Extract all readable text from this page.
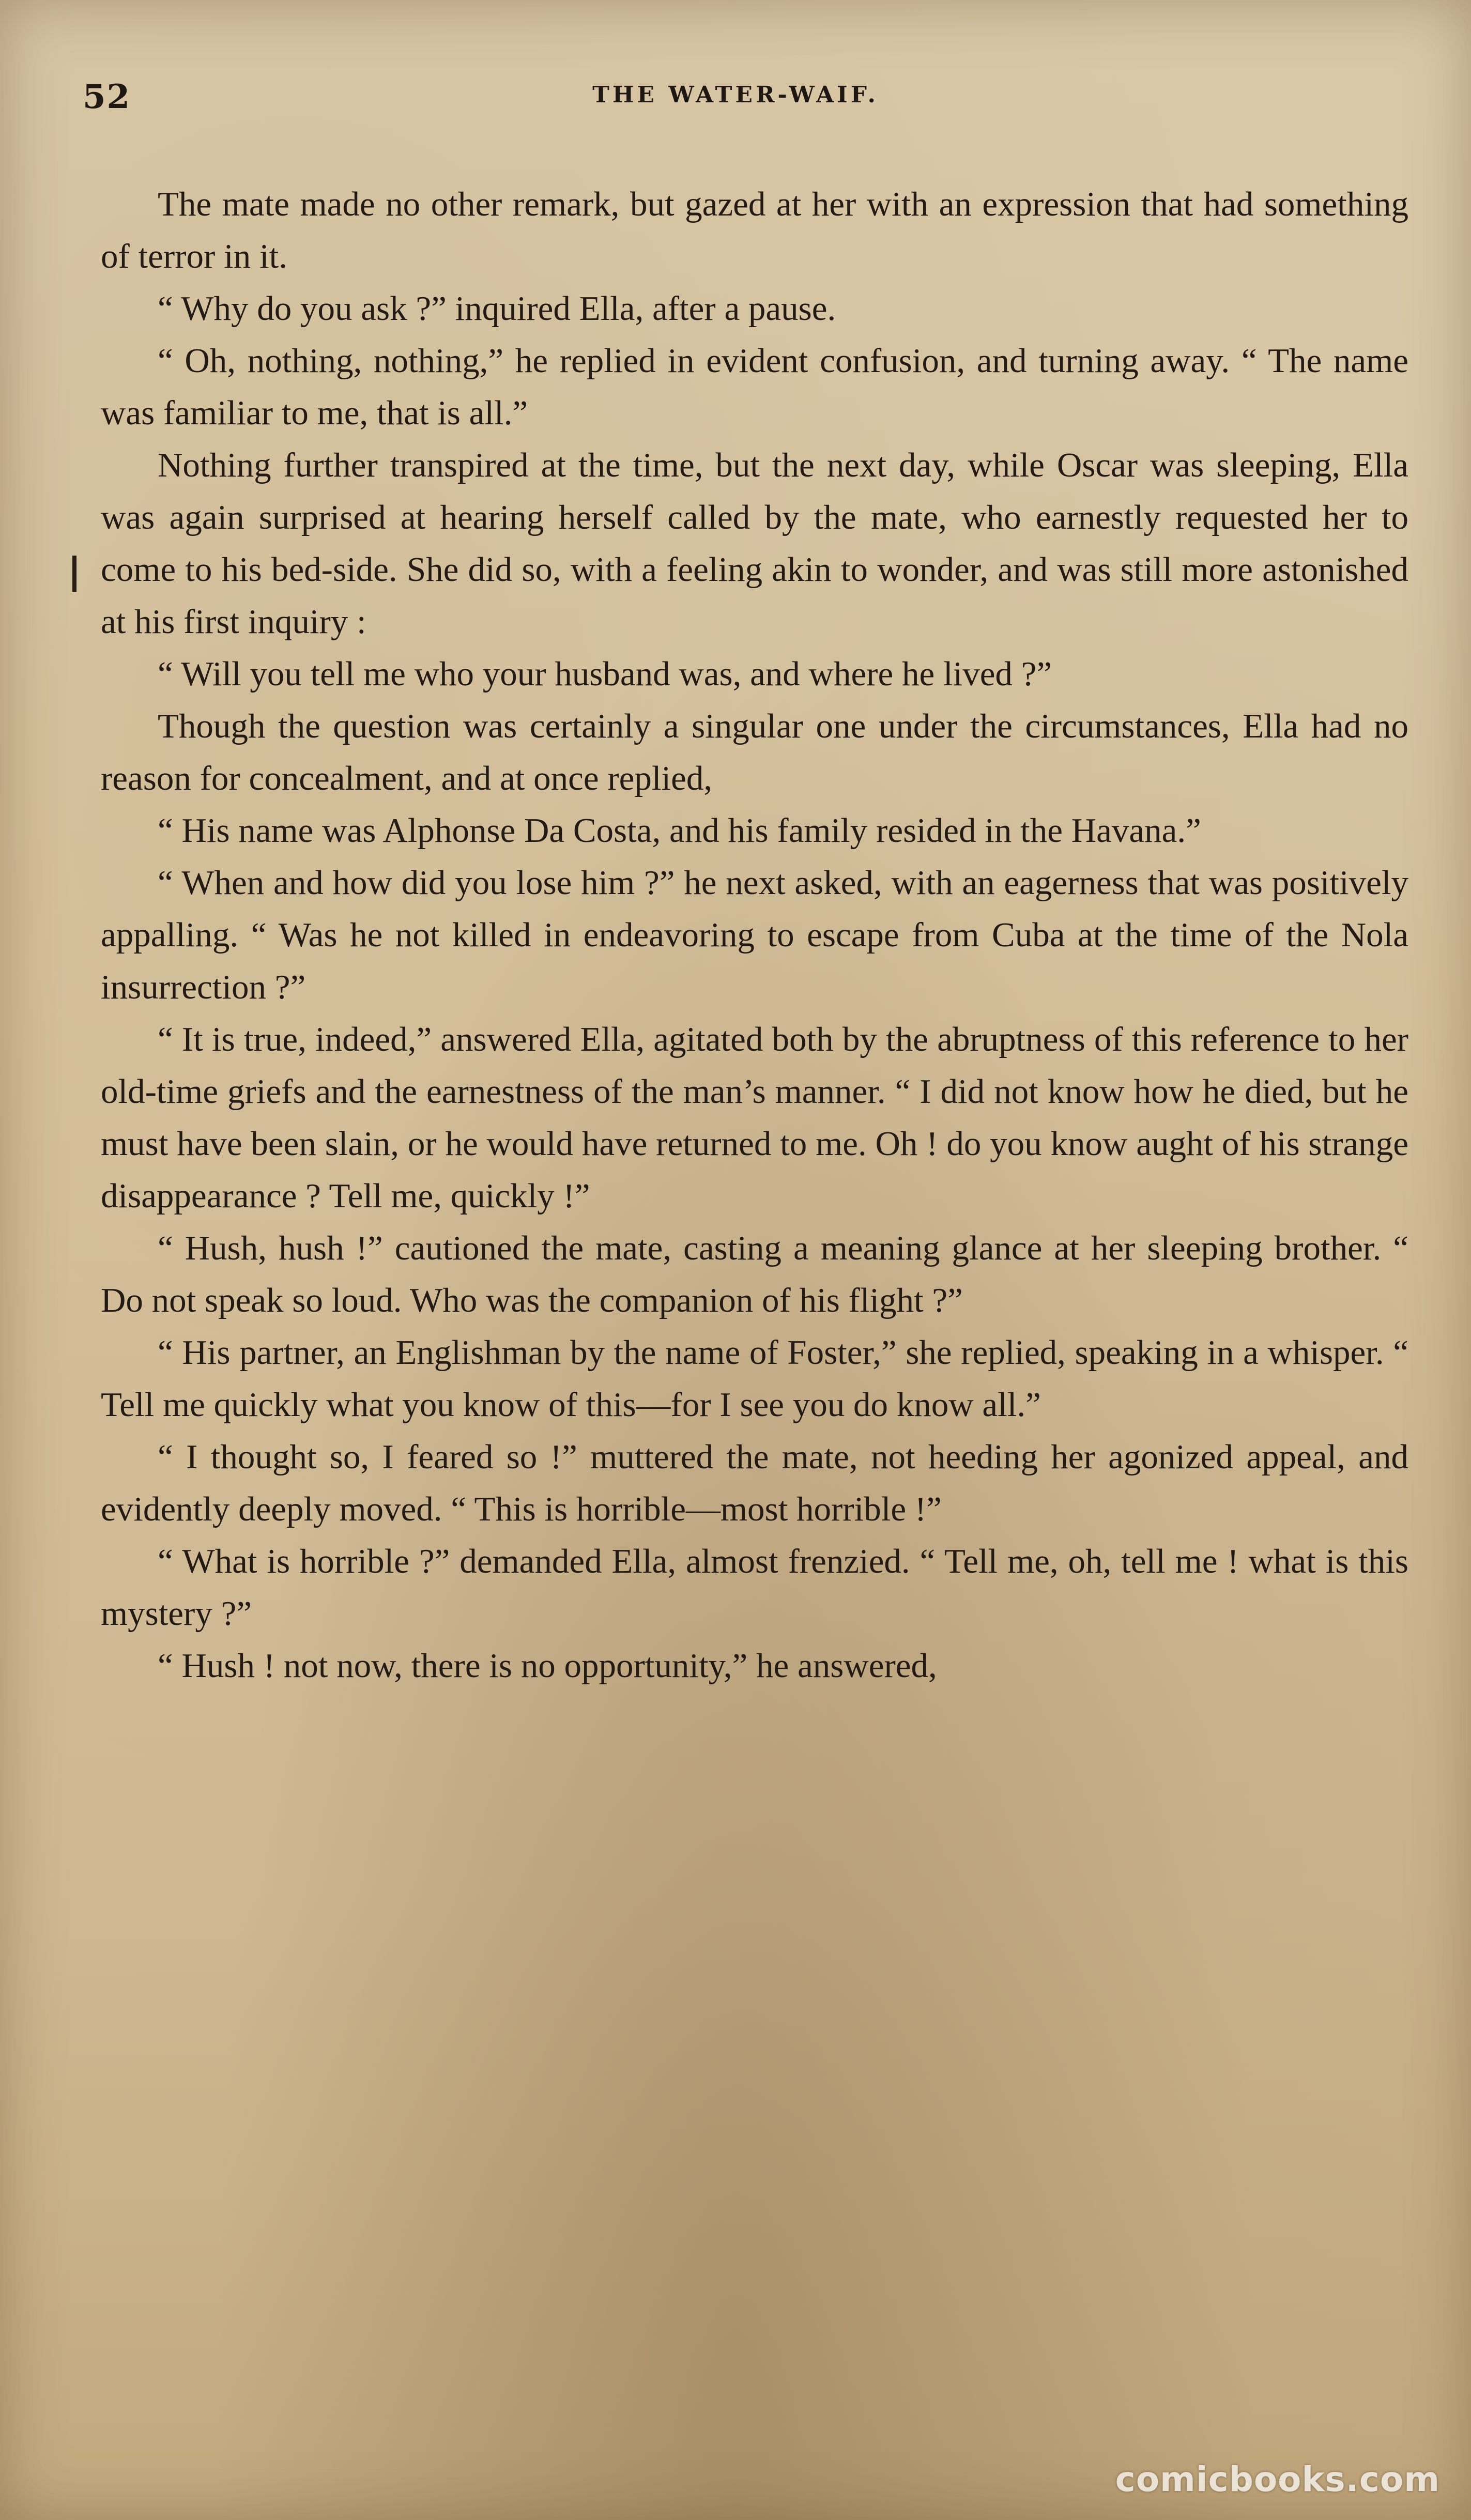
52	THE WATER-WAIF.

The mate made no other remark, but gazed at her with an expression that had something of terror in it.

“ Why do you ask ?” inquired Ella, after a pause.

“ Oh, nothing, nothing,” he replied in evident confusion, and turning away. “ The name was familiar to me, that is all.”

Nothing further transpired at the time, but the next day, while Oscar was sleeping, Ella was again surprised at hearing herself called by the mate, who earnestly requested her to come to his bed-side. She did so, with a feeling akin to wonder, and was still more astonished at his first inquiry :

“ Will you tell me who your husband was, and where he lived ?”

Though the question was certainly a singular one under the circumstances, Ella had no reason for concealment, and at once replied,

“ His name was Alphonse Da Costa, and his family resided in the Havana.”

“ When and how did you lose him ?” he next asked, with an eagerness that was positively appalling. “ Was he not killed in endeavoring to escape from Cuba at the time of the Nola insurrection ?”

“ It is true, indeed,” answered Ella, agitated both by the abruptness of this reference to her old-time griefs and the earnestness of the man’s manner. “ I did not know how he died, but he must have been slain, or he would have returned to me. Oh ! do you know aught of his strange disappearance ? Tell me, quickly !”

“ Hush, hush !” cautioned the mate, casting a meaning glance at her sleeping brother. “ Do not speak so loud. Who was the companion of his flight ?”

“ His partner, an Englishman by the name of Foster,” she replied, speaking in a whisper. “ Tell me quickly what you know of this—for I see you do know all.”

“ I thought so, I feared so !” muttered the mate, not heeding her agonized appeal, and evidently deeply moved. “ This is horrible—most horrible !”

“ What is horrible ?” demanded Ella, almost frenzied. “ Tell me, oh, tell me ! what is this mystery ?”

“ Hush ! not now, there is no opportunity,” he answered,

comicbooks.com
